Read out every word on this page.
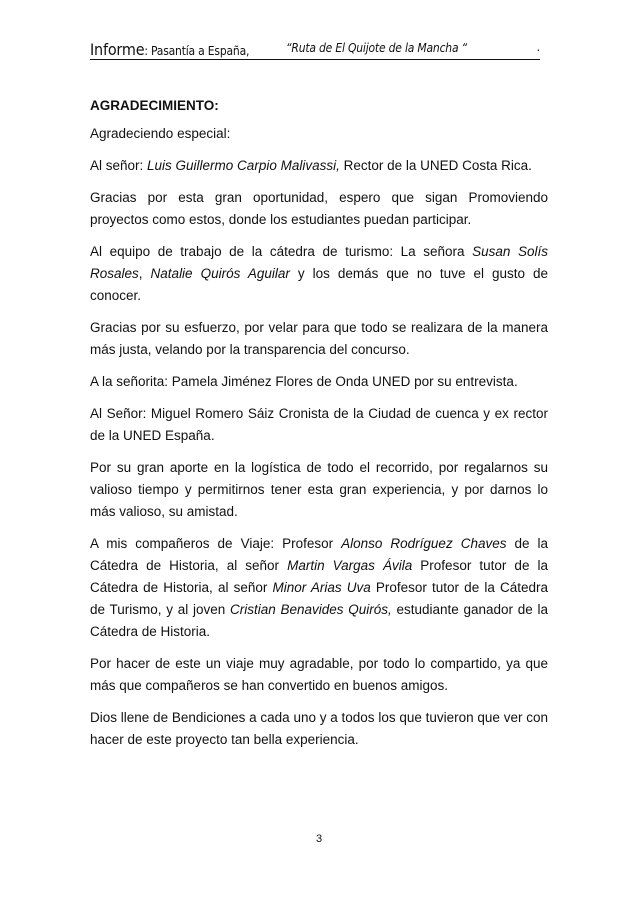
Informe: Pasantía a España,	“Ruta de El Quijote de la Mancha “	.
AGRADECIMIENTO:

Agradeciendo especial:

Al señor: Luis Guillermo Carpio Malivassi, Rector de la UNED Costa Rica.

Gracias por esta gran oportunidad, espero que sigan Promoviendo proyectos como estos, donde los estudiantes puedan participar.

Al equipo de trabajo de la cátedra de turismo: La señora Susan Solís Rosales, Natalie Quirós Aguilar y los demás que no tuve el gusto de conocer.

Gracias por su esfuerzo, por velar para que todo se realizara de la manera más justa, velando por la transparencia del concurso.

A la señorita: Pamela Jiménez Flores de Onda UNED por su entrevista.

Al Señor: Miguel Romero Sáiz Cronista de la Ciudad de cuenca y ex rector de la UNED España.

Por su gran aporte en la logística de todo el recorrido, por regalarnos su valioso tiempo y permitirnos tener esta gran experiencia, y por darnos lo más valioso, su amistad.

A mis compañeros de Viaje: Profesor Alonso Rodríguez Chaves de la Cátedra de Historia, al señor Martin Vargas Ávila Profesor tutor de la Cátedra de Historia, al señor Minor Arias Uva Profesor tutor de la Cátedra de Turismo, y al joven Cristian Benavides Quirós, estudiante ganador de la Cátedra de Historia.

Por hacer de este un viaje muy agradable, por todo lo compartido, ya que más que compañeros se han convertido en buenos amigos.

Dios llene de Bendiciones a cada uno y a todos los que tuvieron que ver con hacer de este proyecto tan bella experiencia.

3
